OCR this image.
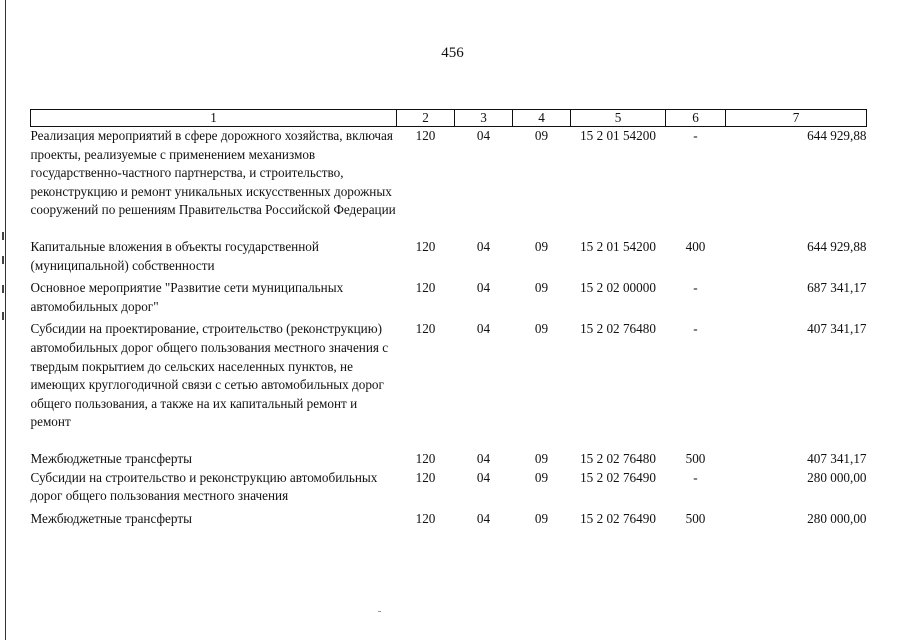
456
1	2	3	4	5	6	7
Реализация мероприятий в сфере дорожного хозяйства, включая проекты, реализуемые с применением механизмов государственно-частного партнерства, и строительство, реконструкцию и ремонт уникальных искусственных дорожных сооружений по решениям Правительства Российской Федерации	120	04	09	15 2 01 54200	-	644 929,88
Капитальные вложения в объекты государственной (муниципальной) собственности	120	04	09	15 2 01 54200	400	644 929,88
Основное мероприятие "Развитие сети муниципальных автомобильных дорог"	120	04	09	15 2 02 00000	-	687 341,17
Субсидии на проектирование, строительство (реконструкцию) автомобильных дорог общего пользования местного значения с твердым покрытием до сельских населенных пунктов, не имеющих круглогодичной связи с сетью автомобильных дорог общего пользования, а также на их капитальный ремонт и ремонт	120	04	09	15 2 02 76480	-	407 341,17
Межбюджетные трансферты	120	04	09	15 2 02 76480	500	407 341,17
Субсидии на строительство и реконструкцию автомобильных дорог общего пользования местного значения	120	04	09	15 2 02 76490	-	280 000,00
Межбюджетные трансферты	120	04	09	15 2 02 76490	500	280 000,00
